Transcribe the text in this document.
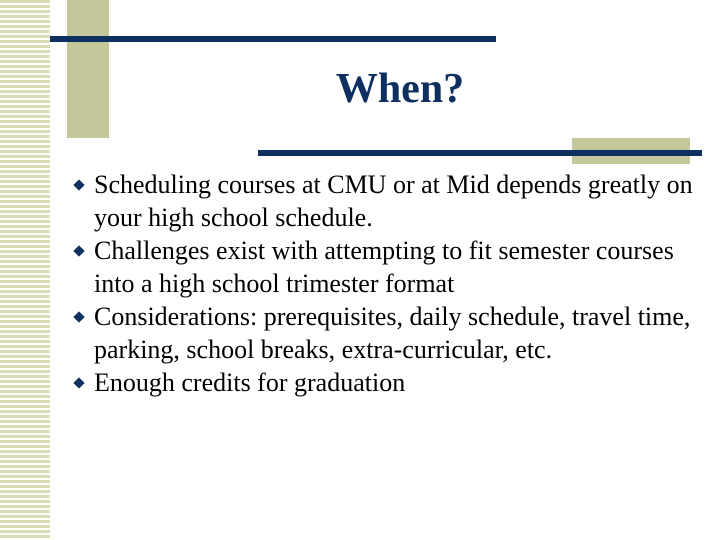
When?
Scheduling courses at CMU or at Mid depends greatly on your high school schedule.
Challenges exist with attempting to fit semester courses into a high school trimester format
Considerations: prerequisites, daily schedule, travel time, parking, school breaks, extra-curricular, etc.
Enough credits for graduation
